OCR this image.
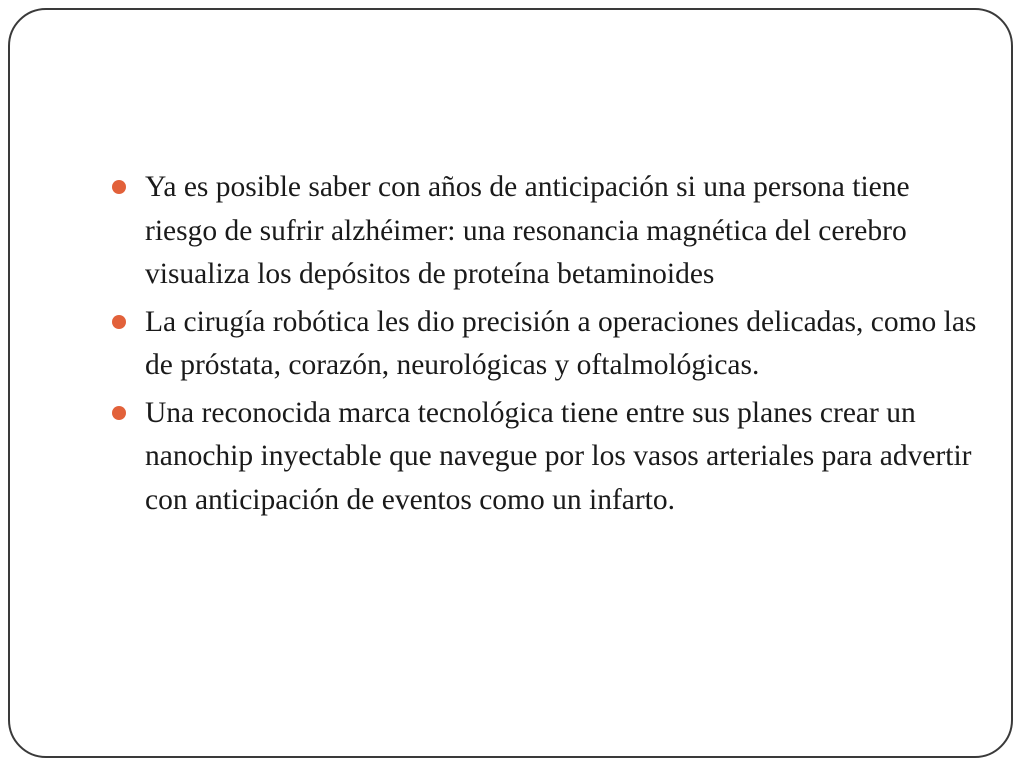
Ya es posible saber con años de anticipación si una persona tiene riesgo de sufrir alzhéimer: una resonancia magnética del cerebro visualiza los depósitos de proteína betaminoides
La cirugía robótica les dio precisión a operaciones delicadas, como las de próstata, corazón, neurológicas y oftalmológicas.
Una reconocida marca tecnológica tiene entre sus planes crear un nanochip inyectable que navegue por los vasos arteriales para advertir con anticipación de eventos como un infarto.
